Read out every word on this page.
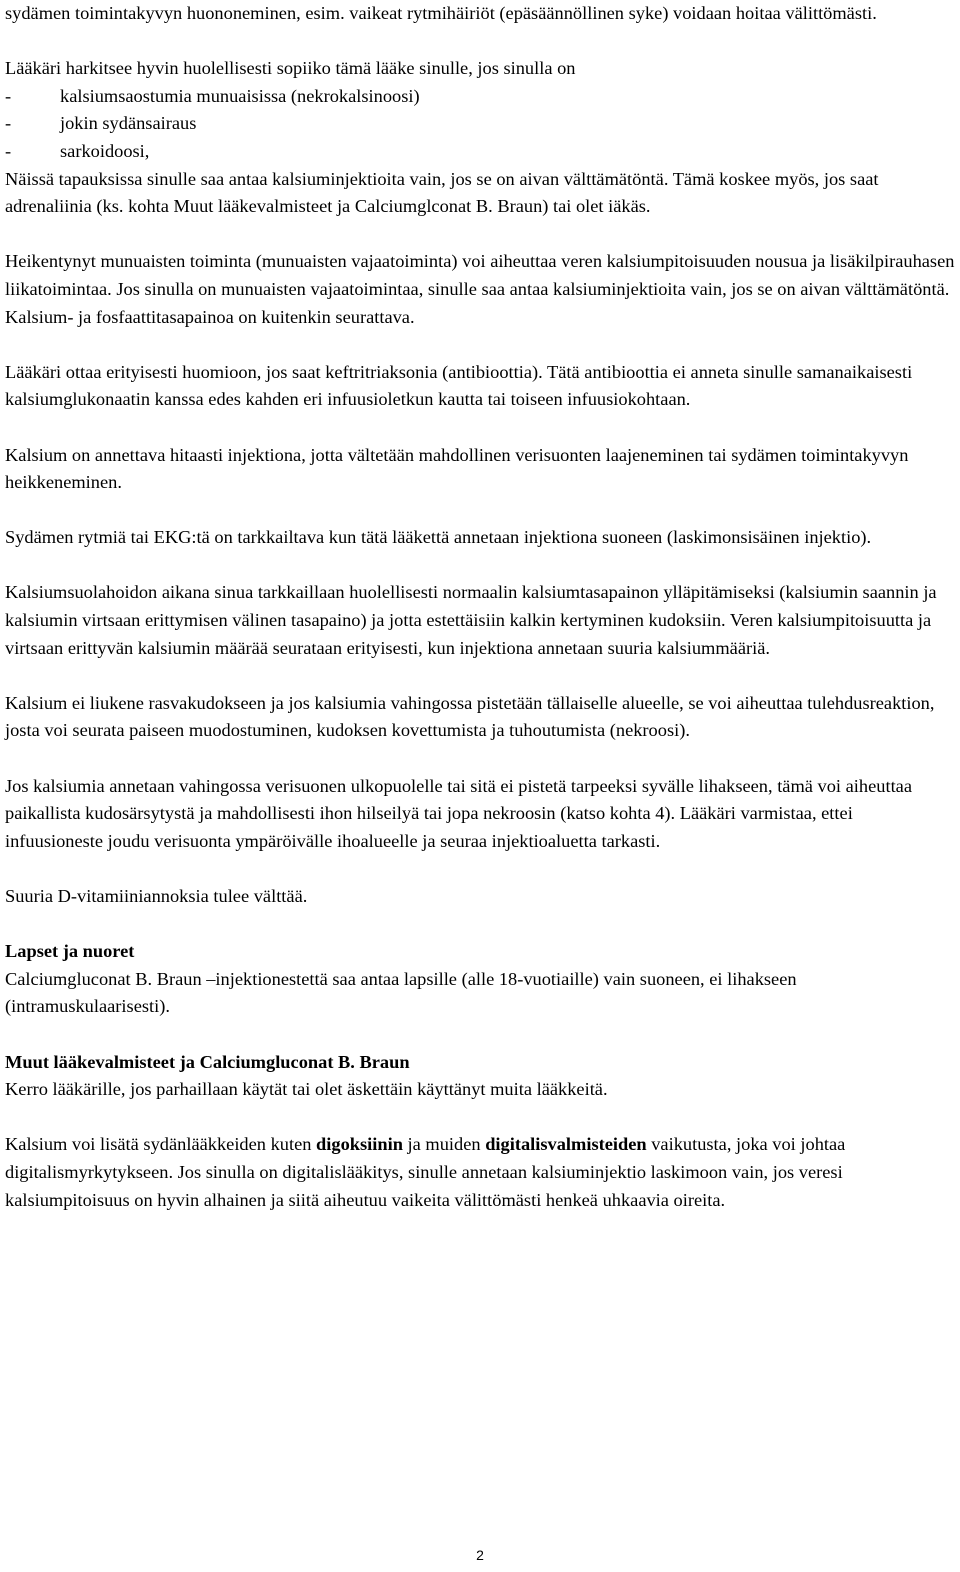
sydämen toimintakyvyn huononeminen, esim. vaikeat rytmihäiriöt (epäsäännöllinen syke) voidaan hoitaa välittömästi.

Lääkäri harkitsee hyvin huolellisesti sopiiko tämä lääke sinulle, jos sinulla on

-	kalsiumsaostumia munuaisissa (nekrokalsinoosi)
-	jokin sydänsairaus
-	sarkoidoosi,

Näissä tapauksissa sinulle saa antaa kalsiuminjektioita vain, jos se on aivan välttämätöntä. Tämä koskee myös, jos saat adrenaliinia (ks. kohta Muut lääkevalmisteet ja Calciumglconat B. Braun) tai olet iäkäs.

Heikentynyt munuaisten toiminta (munuaisten vajaatoiminta) voi aiheuttaa veren kalsiumpitoisuuden nousua ja lisäkilpirauhasen liikatoimintaa. Jos sinulla on munuaisten vajaatoimintaa, sinulle saa antaa kalsiuminjektioita vain, jos se on aivan välttämätöntä. Kalsium- ja fosfaattitasapainoa on kuitenkin seurattava.

Lääkäri ottaa erityisesti huomioon, jos saat keftritriaksonia (antibioottia). Tätä antibioottia ei anneta sinulle samanaikaisesti kalsiumglukonaatin kanssa edes kahden eri infuusioletkun kautta tai toiseen infuusiokohtaan.

Kalsium on annettava hitaasti injektiona, jotta vältetään mahdollinen verisuonten laajeneminen tai sydämen toimintakyvyn heikkeneminen.

Sydämen rytmiä tai EKG:tä on tarkkailtava kun tätä lääkettä annetaan injektiona suoneen (laskimonsisäinen injektio).

Kalsiumsuolahoidon aikana sinua tarkkaillaan huolellisesti normaalin kalsiumtasapainon ylläpitämiseksi (kalsiumin saannin ja kalsiumin virtsaan erittymisen välinen tasapaino) ja jotta estettäisiin kalkin kertyminen kudoksiin. Veren kalsiumpitoisuutta ja virtsaan erittyvän kalsiumin määrää seurataan erityisesti, kun injektiona annetaan suuria kalsiummääriä.

Kalsium ei liukene rasvakudokseen ja jos kalsiumia vahingossa pistetään tällaiselle alueelle, se voi aiheuttaa tulehdusreaktion, josta voi seurata paiseen muodostuminen, kudoksen kovettumista ja tuhoutumista (nekroosi).

Jos kalsiumia annetaan vahingossa verisuonen ulkopuolelle tai sitä ei pistetä tarpeeksi syvälle lihakseen, tämä voi aiheuttaa paikallista kudosärsytystä ja mahdollisesti ihon hilseilyä tai jopa nekroosin (katso kohta 4). Lääkäri varmistaa, ettei infuusioneste joudu verisuonta ympäröivälle ihoalueelle ja seuraa injektioaluetta tarkasti.

Suuria D-vitamiiniannoksia tulee välttää.

Lapset ja nuoret

Calciumgluconat B. Braun –injektionestettä saa antaa lapsille (alle 18-vuotiaille) vain suoneen, ei lihakseen (intramuskulaarisesti).

Muut lääkevalmisteet ja Calciumgluconat B. Braun

Kerro lääkärille, jos parhaillaan käytät tai olet äskettäin käyttänyt muita lääkkeitä.

Kalsium voi lisätä sydänlääkkeiden kuten digoksiinin ja muiden digitalisvalmisteiden vaikutusta, joka voi johtaa digitalismyrkytykseen. Jos sinulla on digitalislääkitys, sinulle annetaan kalsiuminjektio laskimoon vain, jos veresi kalsiumpitoisuus on hyvin alhainen ja siitä aiheutuu vaikeita välittömästi henkeä uhkaavia oireita.

2
